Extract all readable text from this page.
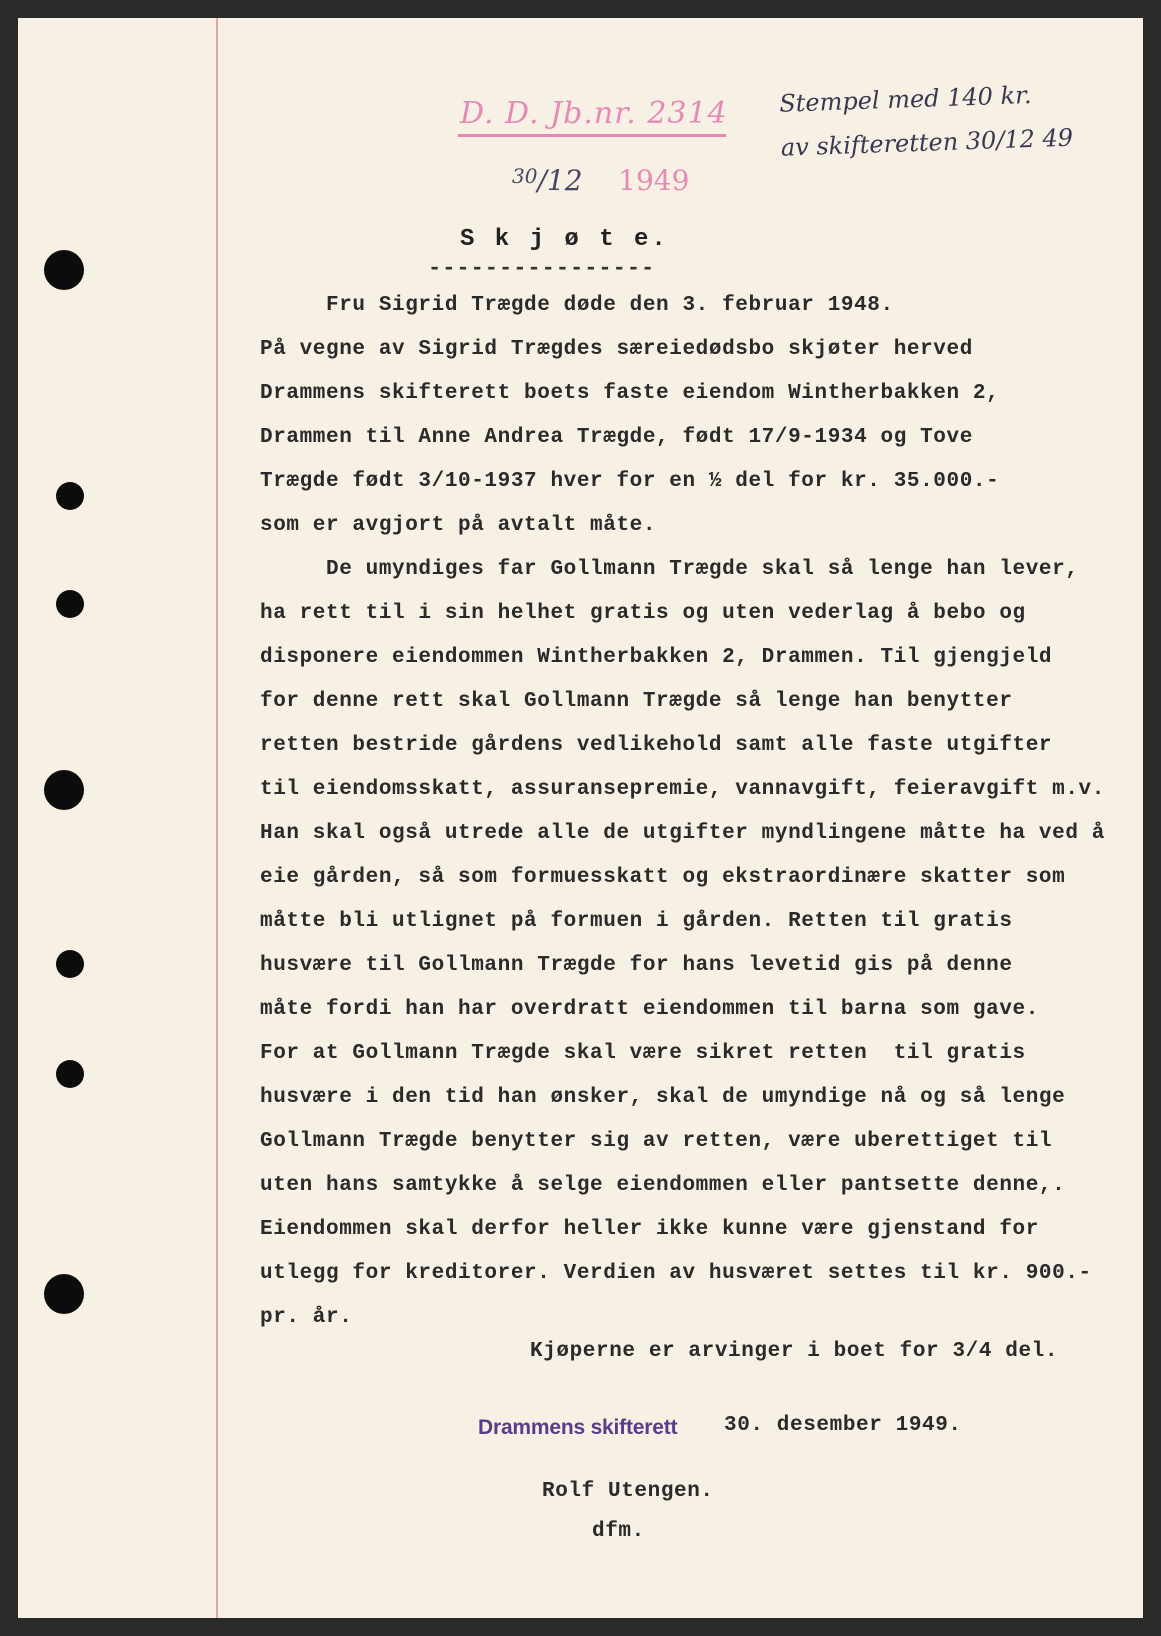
D. D. Jb.nr. 2314
$^{30}$/12 1949
Stempel med 140 kr.
av skifteretten 30/12 49
S k j ø t e.
----------------
Fru Sigrid Trægde døde den 3. februar 1948.
På vegne av Sigrid Trægdes særeiedødsbo skjøter herved
Drammens skifterett boets faste eiendom Wintherbakken 2,
Drammen til Anne Andrea Trægde, født 17/9-1934 og Tove
Trægde født 3/10-1937 hver for en ½ del for kr. 35.000.-
som er avgjort på avtalt måte.
De umyndiges far Gollmann Trægde skal så lenge han lever,
ha rett til i sin helhet gratis og uten vederlag å bebo og
disponere eiendommen Wintherbakken 2, Drammen. Til gjengjeld
for denne rett skal Gollmann Trægde så lenge han benytter
retten bestride gårdens vedlikehold samt alle faste utgifter
til eiendomsskatt, assuransepremie, vannavgift, feieravgift m.v.
Han skal også utrede alle de utgifter myndlingene måtte ha ved å
eie gården, så som formuesskatt og ekstraordinære skatter som
måtte bli utlignet på formuen i gården. Retten til gratis
husvære til Gollmann Trægde for hans levetid gis på denne
måte fordi han har overdratt eiendommen til barna som gave.
For at Gollmann Trægde skal være sikret retten  til gratis
husvære i den tid han ønsker, skal de umyndige nå og så lenge
Gollmann Trægde benytter sig av retten, være uberettiget til
uten hans samtykke å selge eiendommen eller pantsette denne,.
Eiendommen skal derfor heller ikke kunne være gjenstand for
utlegg for kreditorer. Verdien av husværet settes til kr. 900.-
pr. år.
Kjøperne er arvinger i boet for 3/4 del.
Drammens skifterett 30. desember 1949.
Rolf Utengen.
dfm.
